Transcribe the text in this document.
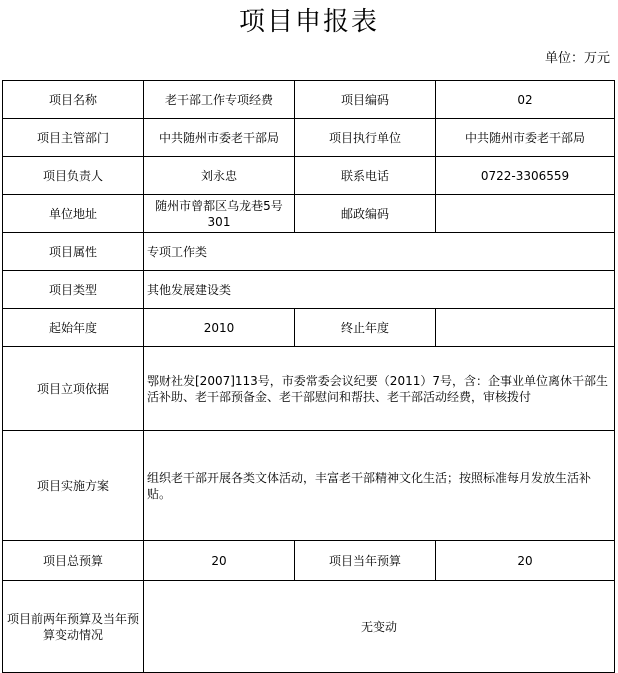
项目申报表
单位：万元
项目名称	老干部工作专项经费	项目编码	02
项目主管部门	中共随州市委老干部局	项目执行单位	中共随州市委老干部局
项目负责人	刘永忠	联系电话	0722-3306559
单位地址	随州市曾都区乌龙巷5号301	邮政编码	
项目属性	专项工作类		
项目类型	其他发展建设类		
起始年度	2010	终止年度	
项目立项依据	鄂财社发[2007]113号，市委常委会议纪要（2011）7号，含：企事业单位离休干部生活补助、老干部预备金、老干部慰问和帮扶、老干部活动经费，审核拨付		
项目实施方案	组织老干部开展各类文体活动，丰富老干部精神文化生活；按照标准每月发放生活补贴。		
项目总预算	20	项目当年预算	20
项目前两年预算及当年预算变动情况	无变动		
